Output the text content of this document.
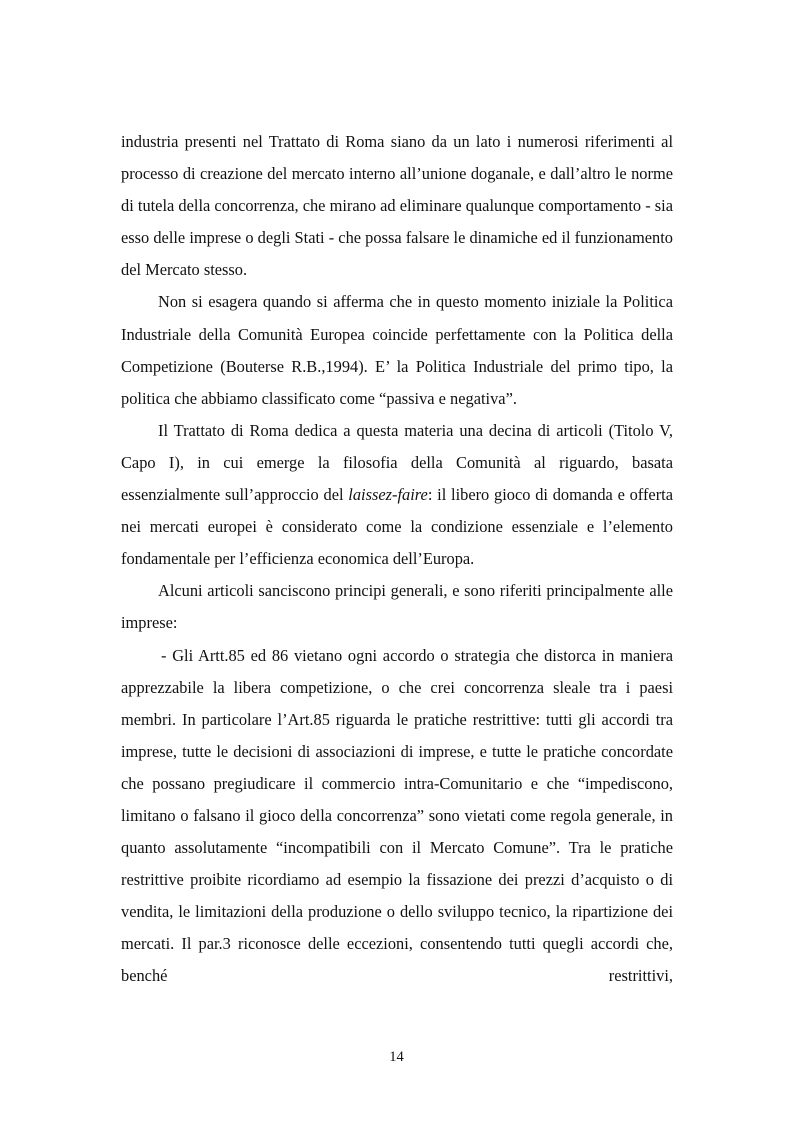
industria presenti nel Trattato di Roma siano da un lato i numerosi riferimenti al processo di creazione del mercato interno all’unione doganale, e dall’altro le norme di tutela della concorrenza, che mirano ad eliminare qualunque comportamento - sia esso delle imprese o degli Stati - che possa falsare le dinamiche ed il funzionamento del Mercato stesso.

Non si esagera quando si afferma che in questo momento iniziale la Politica Industriale della Comunità Europea coincide perfettamente con la Politica della Competizione (Bouterse R.B.,1994). E’ la Politica Industriale del primo tipo, la politica che abbiamo classificato come “passiva e negativa”.

Il Trattato di Roma dedica a questa materia una decina di articoli (Titolo V, Capo I), in cui emerge la filosofia della Comunità al riguardo, basata essenzialmente sull’approccio del laissez-faire: il libero gioco di domanda e offerta nei mercati europei è considerato come la condizione essenziale e l’elemento fondamentale per l’efficienza economica dell’Europa.

Alcuni articoli sanciscono principi generali, e sono riferiti principalmente alle imprese:

- Gli Artt.85 ed 86 vietano ogni accordo o strategia che distorca in maniera apprezzabile la libera competizione, o che crei concorrenza sleale tra i paesi membri. In particolare l’Art.85 riguarda le pratiche restrittive: tutti gli accordi tra imprese, tutte le decisioni di associazioni di imprese, e tutte le pratiche concordate che possano pregiudicare il commercio intra-Comunitario e che “impediscono, limitano o falsano il gioco della concorrenza” sono vietati come regola generale, in quanto assolutamente “incompatibili con il Mercato Comune”. Tra le pratiche restrittive proibite ricordiamo ad esempio la fissazione dei prezzi d’acquisto o di vendita, le limitazioni della produzione o dello sviluppo tecnico, la ripartizione dei mercati. Il par.3 riconosce delle eccezioni, consentendo tutti quegli accordi che, benché restrittivi,

14
